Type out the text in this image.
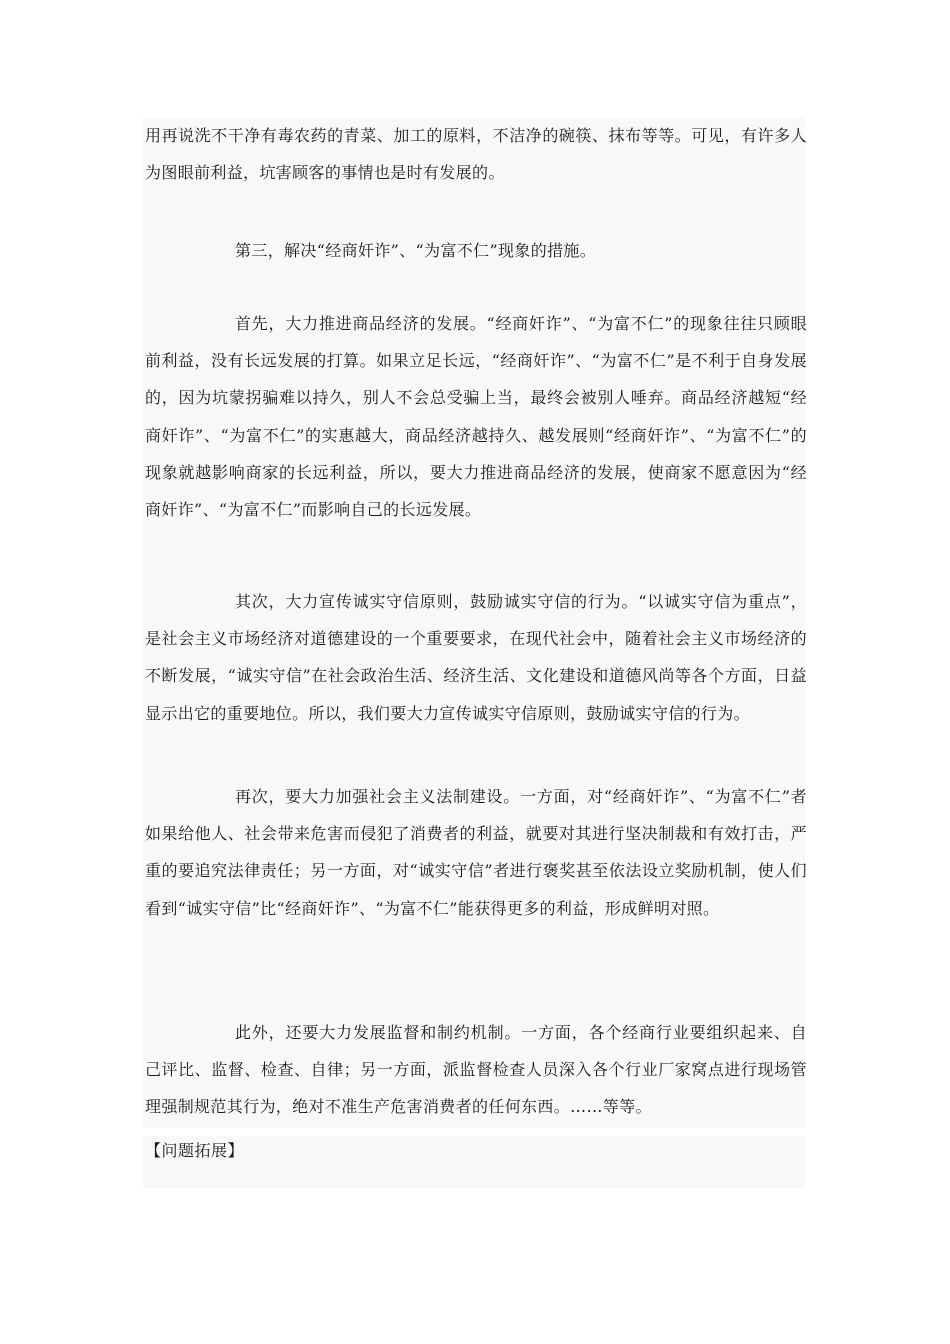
用再说洗不干净有毒农药的青菜、加工的原料，不洁净的碗筷、抹布等等。可见，有许多人为图眼前利益，坑害顾客的事情也是时有发展的。

第三，解决“经商奸诈”、“为富不仁”现象的措施。

首先，大力推进商品经济的发展。“经商奸诈”、“为富不仁”的现象往往只顾眼前利益，没有长远发展的打算。如果立足长远，“经商奸诈”、“为富不仁”是不利于自身发展的，因为坑蒙拐骗难以持久，别人不会总受骗上当，最终会被别人唾弃。商品经济越短“经商奸诈”、“为富不仁”的实惠越大，商品经济越持久、越发展则“经商奸诈”、“为富不仁”的现象就越影响商家的长远利益，所以，要大力推进商品经济的发展，使商家不愿意因为“经商奸诈”、“为富不仁”而影响自己的长远发展。

其次，大力宣传诚实守信原则，鼓励诚实守信的行为。“以诚实守信为重点”，是社会主义市场经济对道德建设的一个重要要求，在现代社会中，随着社会主义市场经济的不断发展，“诚实守信”在社会政治生活、经济生活、文化建设和道德风尚等各个方面，日益显示出它的重要地位。所以，我们要大力宣传诚实守信原则，鼓励诚实守信的行为。

再次，要大力加强社会主义法制建设。一方面，对“经商奸诈”、“为富不仁”者如果给他人、社会带来危害而侵犯了消费者的利益，就要对其进行坚决制裁和有效打击，严重的要追究法律责任；另一方面，对“诚实守信”者进行褒奖甚至依法设立奖励机制，使人们看到“诚实守信”比“经商奸诈”、“为富不仁”能获得更多的利益，形成鲜明对照。

此外，还要大力发展监督和制约机制。一方面，各个经商行业要组织起来、自己评比、监督、检查、自律；另一方面，派监督检查人员深入各个行业厂家窝点进行现场管理强制规范其行为，绝对不准生产危害消费者的任何东西。……等等。

【问题拓展】
